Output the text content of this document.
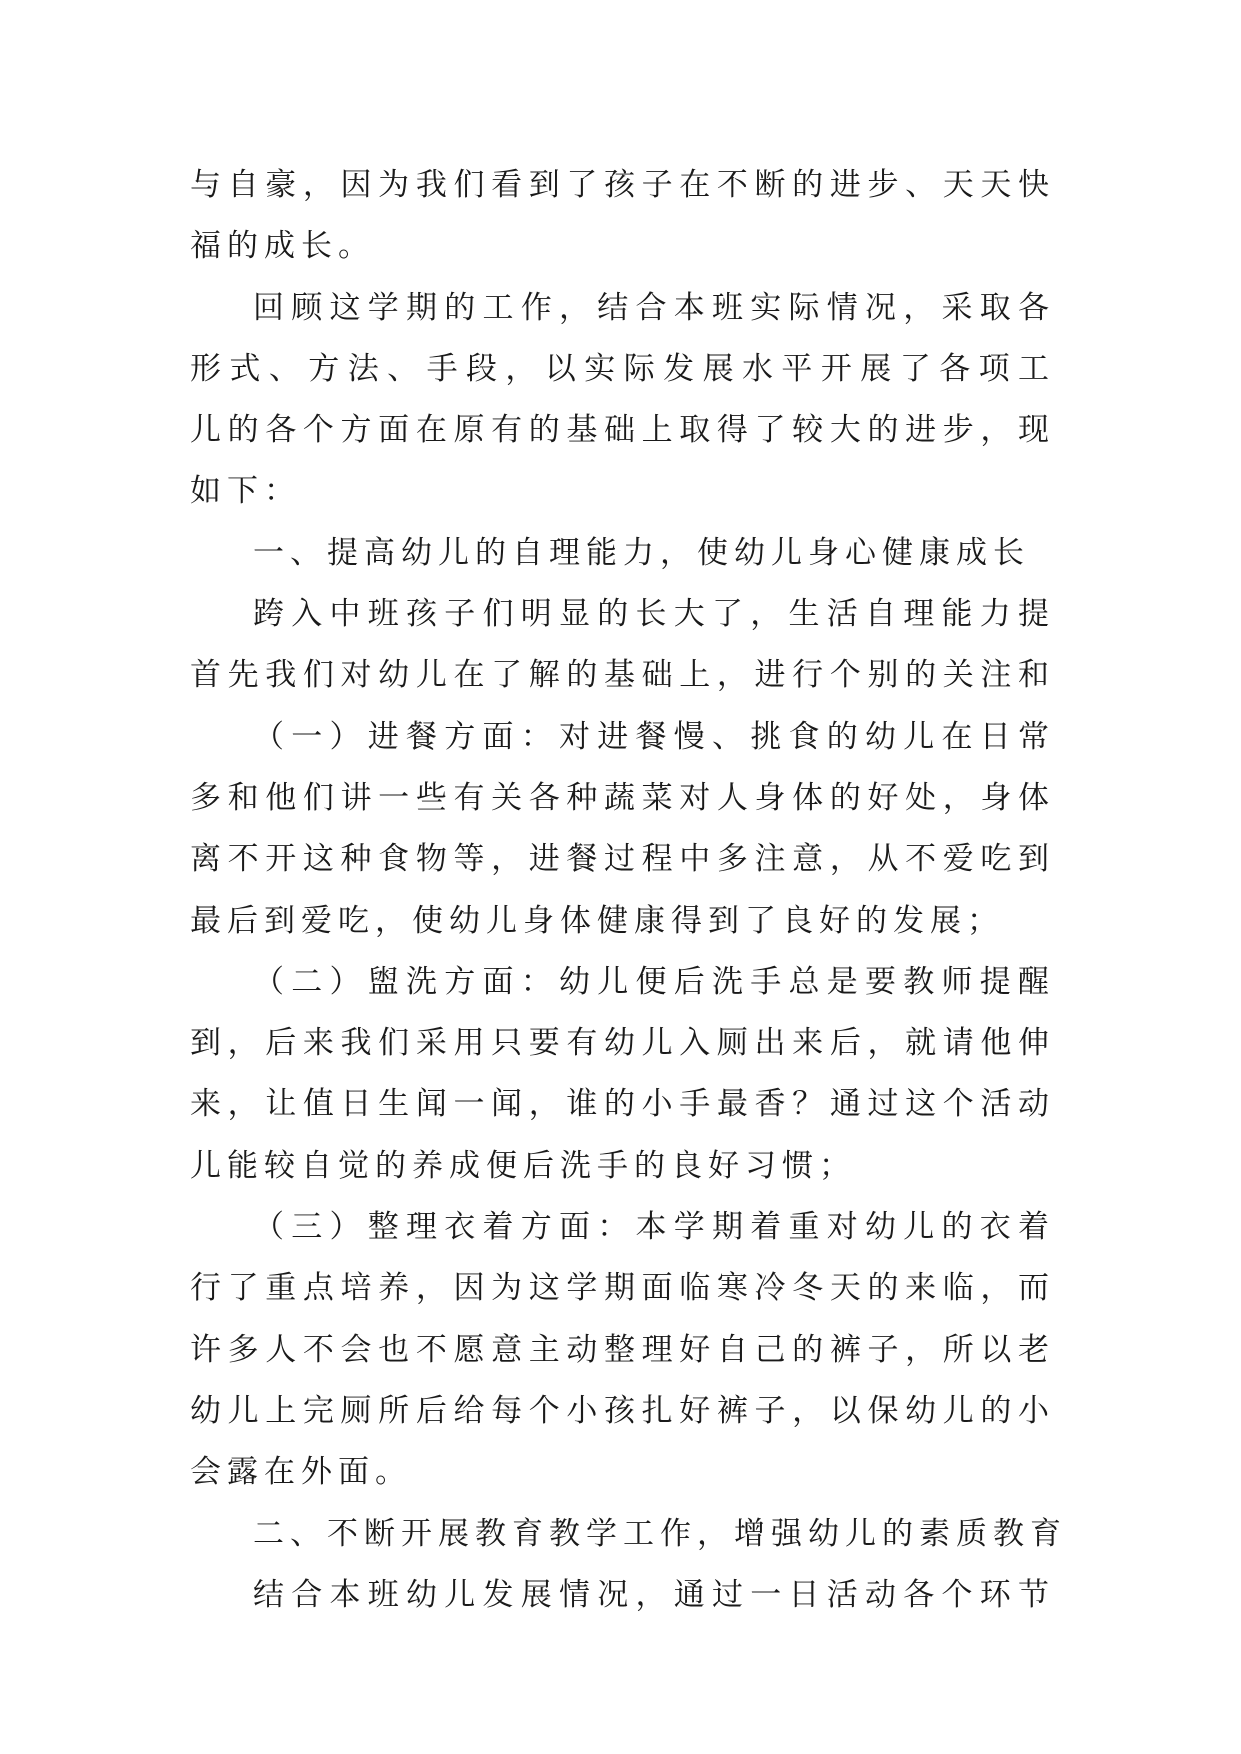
与自豪，因为我们看到了孩子在不断的进步、天天快
福的成长。
回顾这学期的工作，结合本班实际情况，采取各
形式、方法、手段，以实际发展水平开展了各项工
儿的各个方面在原有的基础上取得了较大的进步，现
如下：
一、提高幼儿的自理能力，使幼儿身心健康成长
跨入中班孩子们明显的长大了，生活自理能力提
首先我们对幼儿在了解的基础上，进行个别的关注和
（一）进餐方面：对进餐慢、挑食的幼儿在日常
多和他们讲一些有关各种蔬菜对人身体的好处，身体
离不开这种食物等，进餐过程中多注意，从不爱吃到
最后到爱吃，使幼儿身体健康得到了良好的发展；
（二）盥洗方面：幼儿便后洗手总是要教师提醒
到，后来我们采用只要有幼儿入厕出来后，就请他伸
来，让值日生闻一闻，谁的小手最香？通过这个活动
儿能较自觉的养成便后洗手的良好习惯；
（三）整理衣着方面：本学期着重对幼儿的衣着
行了重点培养，因为这学期面临寒冷冬天的来临，而
许多人不会也不愿意主动整理好自己的裤子，所以老
幼儿上完厕所后给每个小孩扎好裤子，以保幼儿的小
会露在外面。
二、不断开展教育教学工作，增强幼儿的素质教育
结合本班幼儿发展情况，通过一日活动各个环节
